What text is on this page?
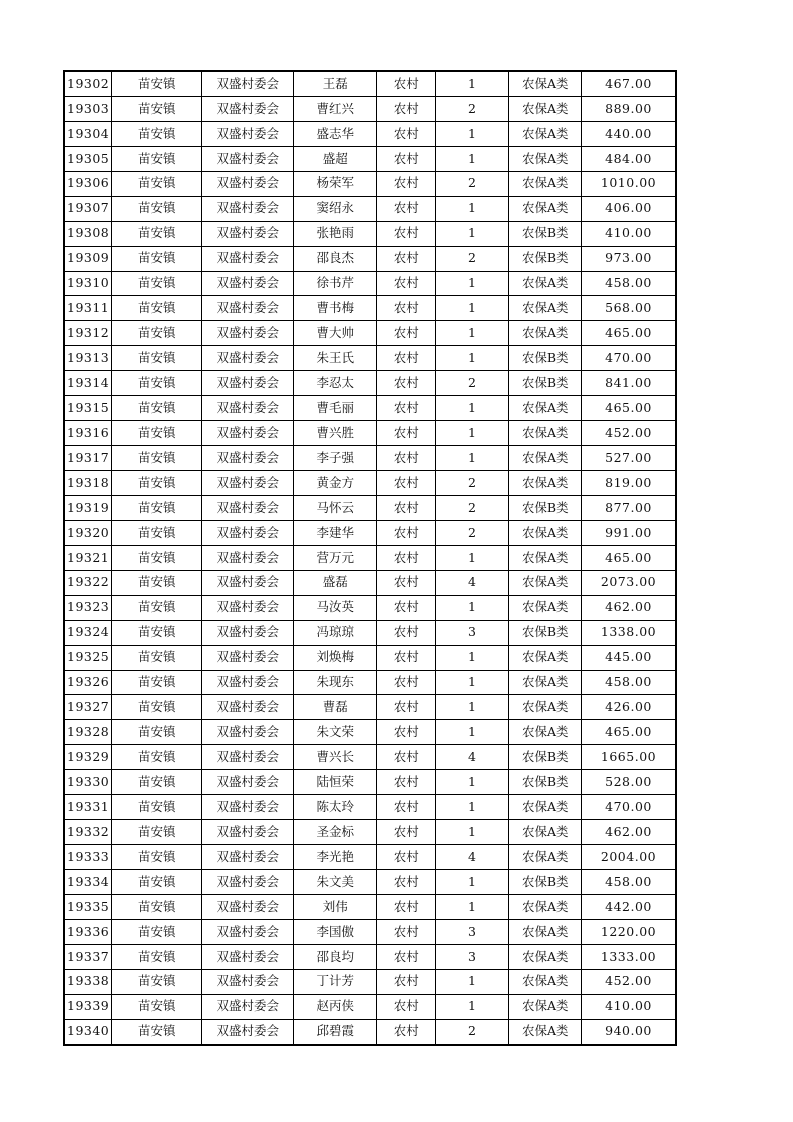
19302	苗安镇	双盛村委会	王磊	农村	1	农保A类	467.00
19303	苗安镇	双盛村委会	曹红兴	农村	2	农保A类	889.00
19304	苗安镇	双盛村委会	盛志华	农村	1	农保A类	440.00
19305	苗安镇	双盛村委会	盛超	农村	1	农保A类	484.00
19306	苗安镇	双盛村委会	杨荣军	农村	2	农保A类	1010.00
19307	苗安镇	双盛村委会	窦绍永	农村	1	农保A类	406.00
19308	苗安镇	双盛村委会	张艳雨	农村	1	农保B类	410.00
19309	苗安镇	双盛村委会	邵良杰	农村	2	农保B类	973.00
19310	苗安镇	双盛村委会	徐书芹	农村	1	农保A类	458.00
19311	苗安镇	双盛村委会	曹书梅	农村	1	农保A类	568.00
19312	苗安镇	双盛村委会	曹大帅	农村	1	农保A类	465.00
19313	苗安镇	双盛村委会	朱王氏	农村	1	农保B类	470.00
19314	苗安镇	双盛村委会	李忍太	农村	2	农保B类	841.00
19315	苗安镇	双盛村委会	曹毛丽	农村	1	农保A类	465.00
19316	苗安镇	双盛村委会	曹兴胜	农村	1	农保A类	452.00
19317	苗安镇	双盛村委会	李子强	农村	1	农保A类	527.00
19318	苗安镇	双盛村委会	黄金方	农村	2	农保A类	819.00
19319	苗安镇	双盛村委会	马怀云	农村	2	农保B类	877.00
19320	苗安镇	双盛村委会	李建华	农村	2	农保A类	991.00
19321	苗安镇	双盛村委会	营万元	农村	1	农保A类	465.00
19322	苗安镇	双盛村委会	盛磊	农村	4	农保A类	2073.00
19323	苗安镇	双盛村委会	马汝英	农村	1	农保A类	462.00
19324	苗安镇	双盛村委会	冯琼琼	农村	3	农保B类	1338.00
19325	苗安镇	双盛村委会	刘焕梅	农村	1	农保A类	445.00
19326	苗安镇	双盛村委会	朱现东	农村	1	农保A类	458.00
19327	苗安镇	双盛村委会	曹磊	农村	1	农保A类	426.00
19328	苗安镇	双盛村委会	朱文荣	农村	1	农保A类	465.00
19329	苗安镇	双盛村委会	曹兴长	农村	4	农保B类	1665.00
19330	苗安镇	双盛村委会	陆恒荣	农村	1	农保B类	528.00
19331	苗安镇	双盛村委会	陈太玲	农村	1	农保A类	470.00
19332	苗安镇	双盛村委会	圣金标	农村	1	农保A类	462.00
19333	苗安镇	双盛村委会	李光艳	农村	4	农保A类	2004.00
19334	苗安镇	双盛村委会	朱文美	农村	1	农保B类	458.00
19335	苗安镇	双盛村委会	刘伟	农村	1	农保A类	442.00
19336	苗安镇	双盛村委会	李国傲	农村	3	农保A类	1220.00
19337	苗安镇	双盛村委会	邵良均	农村	3	农保A类	1333.00
19338	苗安镇	双盛村委会	丁计芳	农村	1	农保A类	452.00
19339	苗安镇	双盛村委会	赵丙侠	农村	1	农保A类	410.00
19340	苗安镇	双盛村委会	邱碧霞	农村	2	农保A类	940.00
